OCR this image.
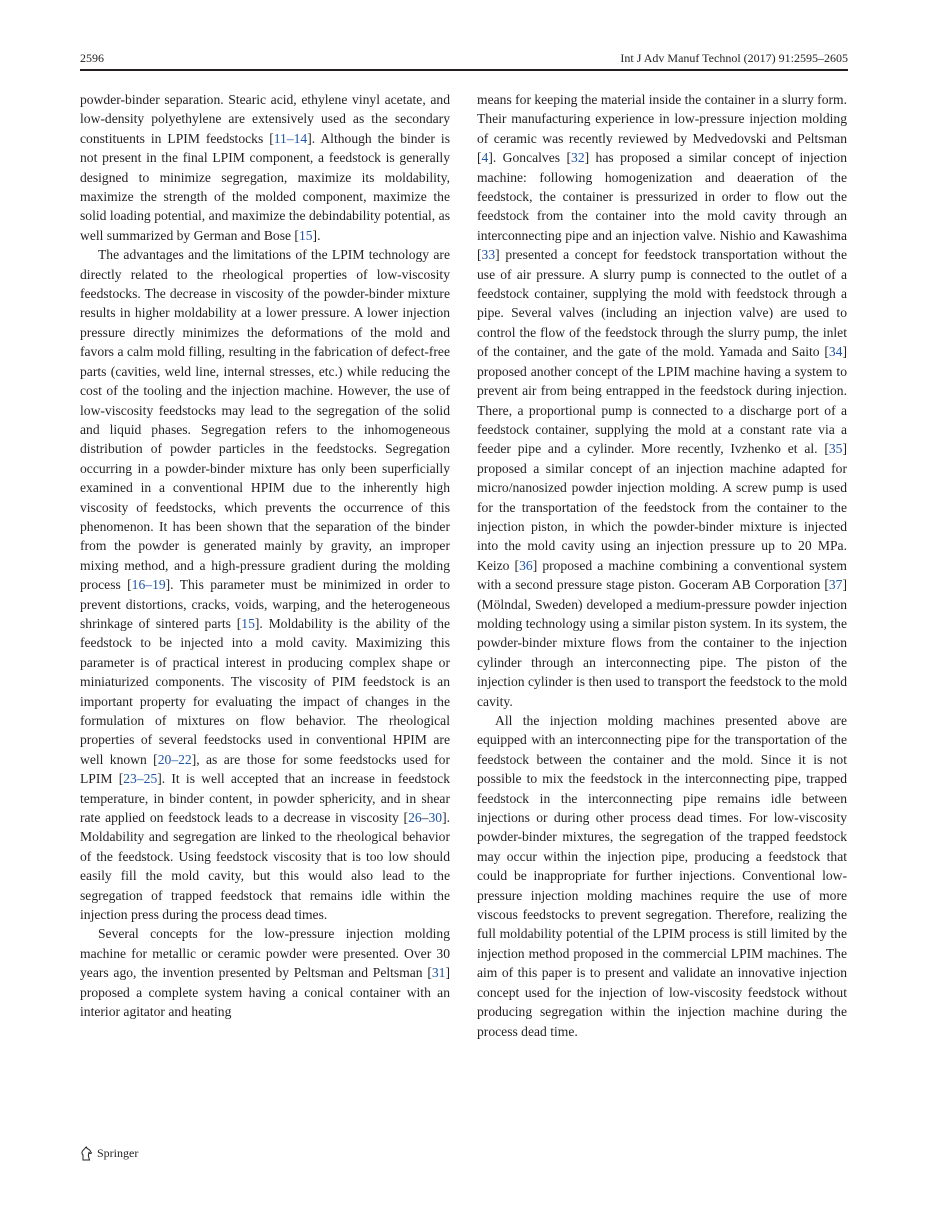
2596	Int J Adv Manuf Technol (2017) 91:2595–2605

powder-binder separation. Stearic acid, ethylene vinyl acetate, and low-density polyethylene are extensively used as the secondary constituents in LPIM feedstocks [11–14]. Although the binder is not present in the final LPIM component, a feedstock is generally designed to minimize segregation, maximize its moldability, maximize the strength of the molded component, maximize the solid loading potential, and maximize the debindability potential, as well summarized by German and Bose [15].

The advantages and the limitations of the LPIM technology are directly related to the rheological properties of low-viscosity feedstocks. The decrease in viscosity of the powder-binder mixture results in higher moldability at a lower pressure. A lower injection pressure directly minimizes the deformations of the mold and favors a calm mold filling, resulting in the fabrication of defect-free parts (cavities, weld line, internal stresses, etc.) while reducing the cost of the tooling and the injection machine. However, the use of low-viscosity feedstocks may lead to the segregation of the solid and liquid phases. Segregation refers to the inhomogeneous distribution of powder particles in the feedstocks. Segregation occurring in a powder-binder mixture has only been superficially examined in a conventional HPIM due to the inherently high viscosity of feedstocks, which prevents the occurrence of this phenomenon. It has been shown that the separation of the binder from the powder is generated mainly by gravity, an improper mixing method, and a high-pressure gradient during the molding process [16–19]. This parameter must be minimized in order to prevent distortions, cracks, voids, warping, and the heterogeneous shrinkage of sintered parts [15]. Moldability is the ability of the feedstock to be injected into a mold cavity. Maximizing this parameter is of practical interest in producing complex shape or miniaturized components. The viscosity of PIM feedstock is an important property for evaluating the impact of changes in the formulation of mixtures on flow behavior. The rheological properties of several feedstocks used in conventional HPIM are well known [20–22], as are those for some feedstocks used for LPIM [23–25]. It is well accepted that an increase in feedstock temperature, in binder content, in powder sphericity, and in shear rate applied on feedstock leads to a decrease in viscosity [26–30]. Moldability and segregation are linked to the rheological behavior of the feedstock. Using feedstock viscosity that is too low should easily fill the mold cavity, but this would also lead to the segregation of trapped feedstock that remains idle within the injection press during the process dead times.

Several concepts for the low-pressure injection molding machine for metallic or ceramic powder were presented. Over 30 years ago, the invention presented by Peltsman and Peltsman [31] proposed a complete system having a conical container with an interior agitator and heating

means for keeping the material inside the container in a slurry form. Their manufacturing experience in low-pressure injection molding of ceramic was recently reviewed by Medvedovski and Peltsman [4]. Goncalves [32] has proposed a similar concept of injection machine: following homogenization and deaeration of the feedstock, the container is pressurized in order to flow out the feedstock from the container into the mold cavity through an interconnecting pipe and an injection valve. Nishio and Kawashima [33] presented a concept for feedstock transportation without the use of air pressure. A slurry pump is connected to the outlet of a feedstock container, supplying the mold with feedstock through a pipe. Several valves (including an injection valve) are used to control the flow of the feedstock through the slurry pump, the inlet of the container, and the gate of the mold. Yamada and Saito [34] proposed another concept of the LPIM machine having a system to prevent air from being entrapped in the feedstock during injection. There, a proportional pump is connected to a discharge port of a feedstock container, supplying the mold at a constant rate via a feeder pipe and a cylinder. More recently, Ivzhenko et al. [35] proposed a similar concept of an injection machine adapted for micro/nanosized powder injection molding. A screw pump is used for the transportation of the feedstock from the container to the injection piston, in which the powder-binder mixture is injected into the mold cavity using an injection pressure up to 20 MPa. Keizo [36] proposed a machine combining a conventional system with a second pressure stage piston. Goceram AB Corporation [37] (Mölndal, Sweden) developed a medium-pressure powder injection molding technology using a similar piston system. In its system, the powder-binder mixture flows from the container to the injection cylinder through an interconnecting pipe. The piston of the injection cylinder is then used to transport the feedstock to the mold cavity.

All the injection molding machines presented above are equipped with an interconnecting pipe for the transportation of the feedstock between the container and the mold. Since it is not possible to mix the feedstock in the interconnecting pipe, trapped feedstock in the interconnecting pipe remains idle between injections or during other process dead times. For low-viscosity powder-binder mixtures, the segregation of the trapped feedstock may occur within the injection pipe, producing a feedstock that could be inappropriate for further injections. Conventional low-pressure injection molding machines require the use of more viscous feedstocks to prevent segregation. Therefore, realizing the full moldability potential of the LPIM process is still limited by the injection method proposed in the commercial LPIM machines. The aim of this paper is to present and validate an innovative injection concept used for the injection of low-viscosity feedstock without producing segregation within the injection machine during the process dead time.

Springer
